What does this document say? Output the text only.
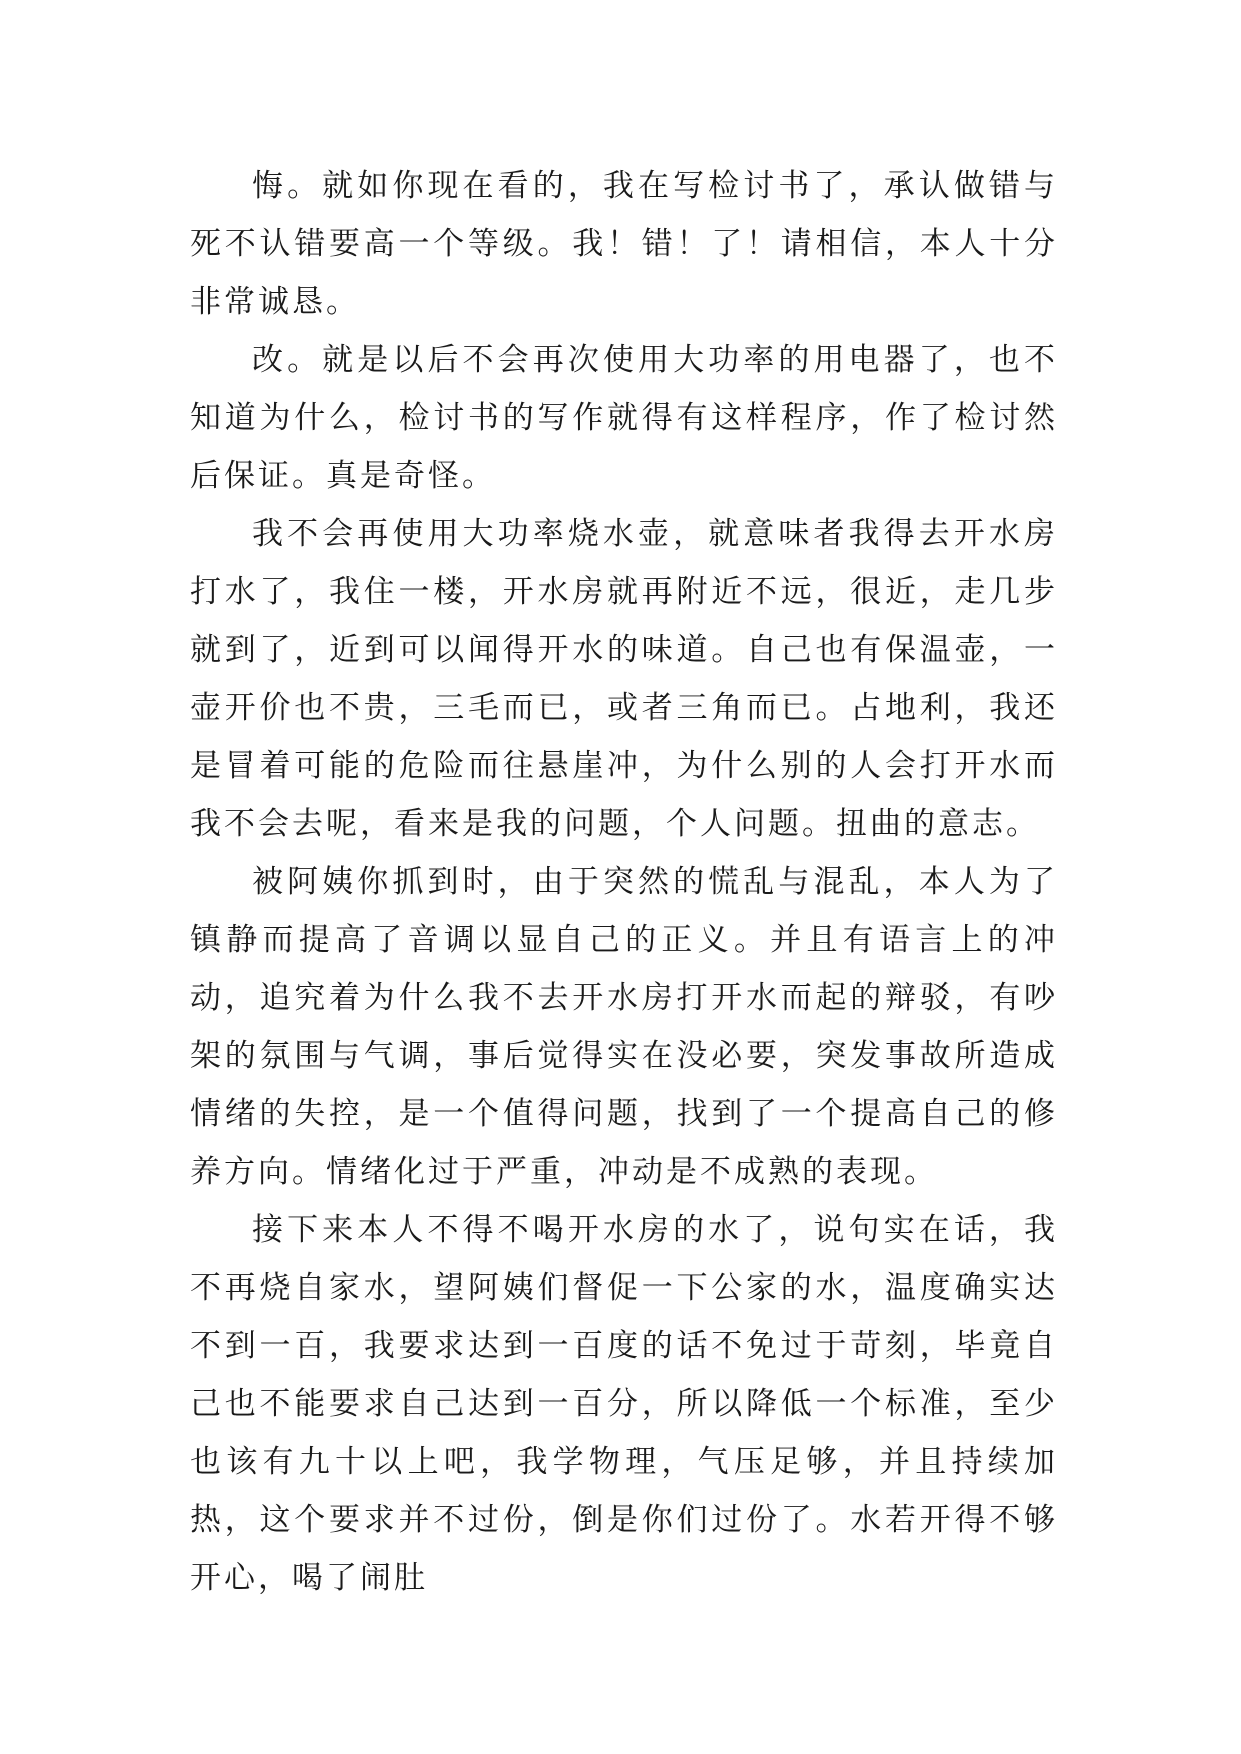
悔。就如你现在看的，我在写检讨书了，承认做错与死不认错要高一个等级。我！错！了！请相信，本人十分非常诚恳。

改。就是以后不会再次使用大功率的用电器了，也不知道为什么，检讨书的写作就得有这样程序，作了检讨然后保证。真是奇怪。

我不会再使用大功率烧水壶，就意味者我得去开水房打水了，我住一楼，开水房就再附近不远，很近，走几步就到了，近到可以闻得开水的味道。自己也有保温壶，一壶开价也不贵，三毛而已，或者三角而已。占地利，我还是冒着可能的危险而往悬崖冲，为什么别的人会打开水而我不会去呢，看来是我的问题，个人问题。扭曲的意志。

被阿姨你抓到时，由于突然的慌乱与混乱，本人为了镇静而提高了音调以显自己的正义。并且有语言上的冲动，追究着为什么我不去开水房打开水而起的辩驳，有吵架的氛围与气调，事后觉得实在没必要，突发事故所造成情绪的失控，是一个值得问题，找到了一个提高自己的修养方向。情绪化过于严重，冲动是不成熟的表现。

接下来本人不得不喝开水房的水了，说句实在话，我不再烧自家水，望阿姨们督促一下公家的水，温度确实达不到一百，我要求达到一百度的话不免过于苛刻，毕竟自己也不能要求自己达到一百分，所以降低一个标准，至少也该有九十以上吧，我学物理，气压足够，并且持续加热，这个要求并不过份，倒是你们过份了。水若开得不够开心，喝了闹肚
